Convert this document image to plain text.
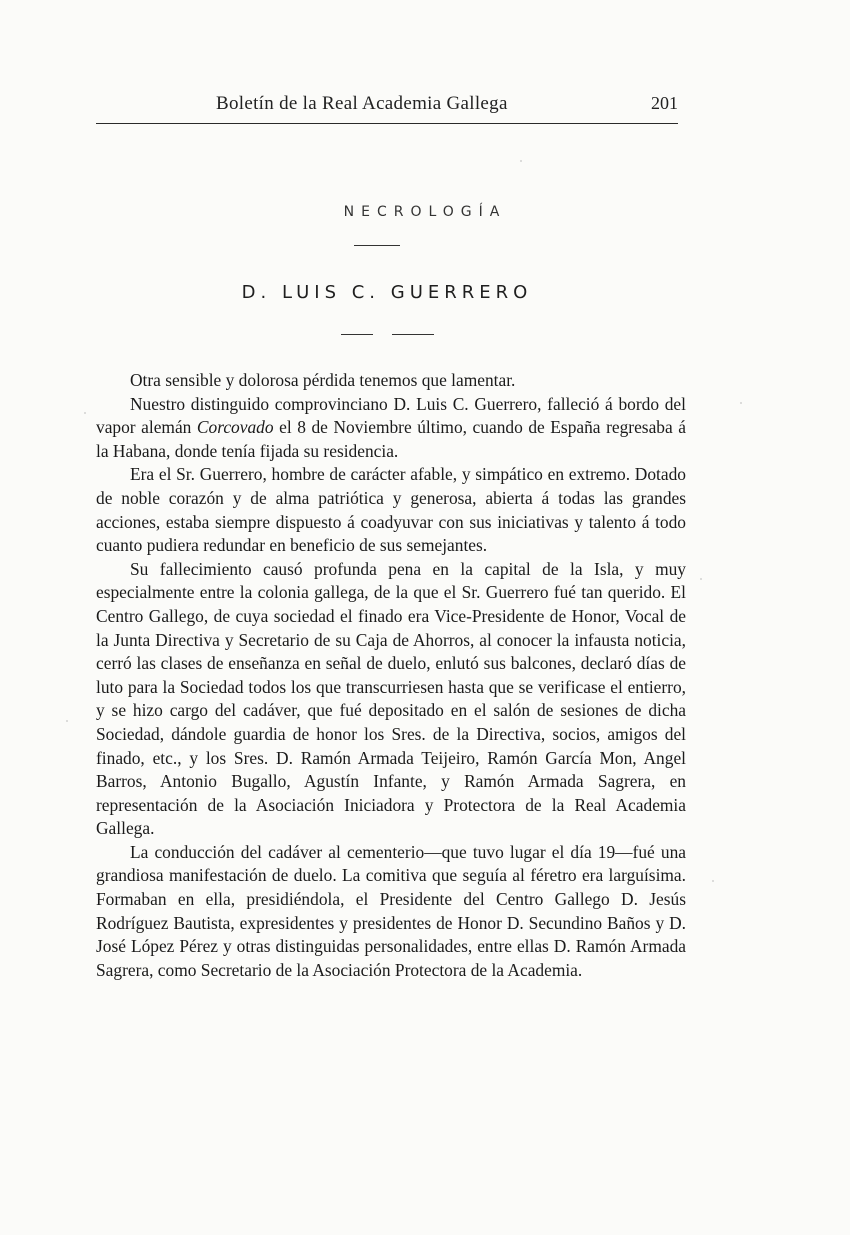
Boletín de la Real Academia Gallega	201
NECROLOGÍA
D. LUIS C. GUERRERO

Otra sensible y dolorosa pérdida tenemos que lamentar.

Nuestro distinguido comprovinciano D. Luis C. Guerrero, falleció á bordo del vapor alemán Corcovado el 8 de Noviembre último, cuando de España regresaba á la Habana, donde tenía fijada su residencia.

Era el Sr. Guerrero, hombre de carácter afable, y simpático en extremo. Dotado de noble corazón y de alma patriótica y generosa, abierta á todas las grandes acciones, estaba siempre dispuesto á coadyuvar con sus iniciativas y talento á todo cuanto pudiera redundar en beneficio de sus semejantes.

Su fallecimiento causó profunda pena en la capital de la Isla, y muy especialmente entre la colonia gallega, de la que el Sr. Guerrero fué tan querido. El Centro Gallego, de cuya sociedad el finado era Vice-Presidente de Honor, Vocal de la Junta Directiva y Secretario de su Caja de Ahorros, al conocer la infausta noticia, cerró las clases de enseñanza en señal de duelo, enlutó sus balcones, declaró días de luto para la Sociedad todos los que transcurriesen hasta que se verificase el entierro, y se hizo cargo del cadáver, que fué depositado en el salón de sesiones de dicha Sociedad, dándole guardia de honor los Sres. de la Directiva, socios, amigos del finado, etc., y los Sres. D. Ramón Armada Teijeiro, Ramón García Mon, Angel Barros, Antonio Bugallo, Agustín Infante, y Ramón Armada Sagrera, en representación de la Asociación Iniciadora y Protectora de la Real Academia Gallega.

La conducción del cadáver al cementerio—que tuvo lugar el día 19—fué una grandiosa manifestación de duelo. La comitiva que seguía al féretro era larguísima. Formaban en ella, presidiéndola, el Presidente del Centro Gallego D. Jesús Rodríguez Bautista, expresidentes y presidentes de Honor D. Secundino Baños y D. José López Pérez y otras distinguidas personalidades, entre ellas D. Ramón Armada Sagrera, como Secretario de la Asociación Protectora de la Academia.
